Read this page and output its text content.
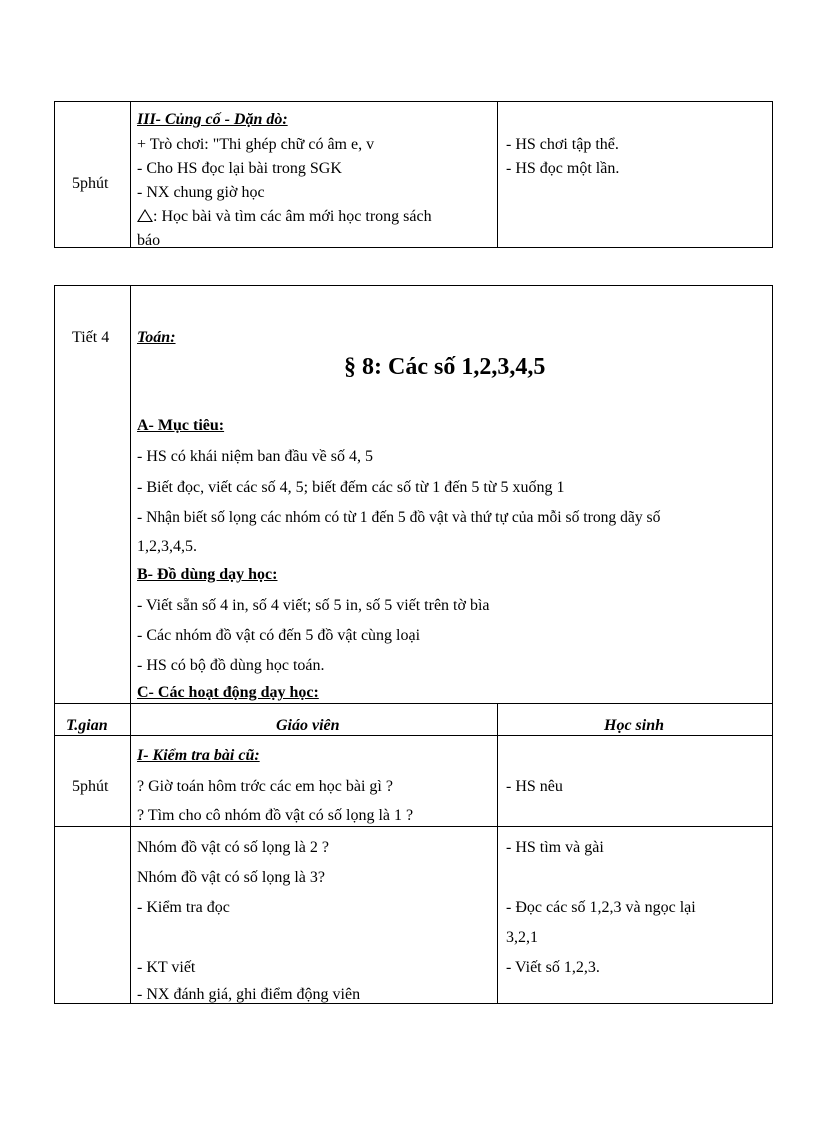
5phút
III- Củng cố - Dặn dò:
+ Trò chơi: "Thi ghép chữ có âm e, v
- Cho HS đọc lại bài trong SGK
- NX chung giờ học
: Học bài và tìm các âm mới học trong sách
báo
- HS chơi tập thể.
- HS đọc một lần.
Tiết 4 Toán:
§ 8: Các số 1,2,3,4,5
A- Mục tiêu:
- HS có khái niệm ban đầu về số 4, 5
- Biết đọc, viết các số 4, 5; biết đếm các số từ 1 đến 5 từ 5 xuống 1
- Nhận biết số lọng các nhóm có từ 1 đến 5 đồ vật và thứ tự của mỗi số trong dãy số
1,2,3,4,5.
B- Đồ dùng dạy học:
- Viết sẵn số 4 in, số 4 viết; số 5 in, số 5 viết trên tờ bìa
- Các nhóm đồ vật có đến 5 đồ vật cùng loại
- HS có bộ đồ dùng học toán.
C- Các hoạt động dạy học:
T.gian	Giáo viên	Học sinh
5phút
I- Kiểm tra bài cũ:
? Giờ toán hôm trớc các em học bài gì ?
? Tìm cho cô nhóm đồ vật có số lọng là 1 ?
- HS nêu
Nhóm đồ vật có số lọng là 2 ?
Nhóm đồ vật có số lọng là 3?
- Kiểm tra đọc
- KT viết
- NX đánh giá, ghi điểm động viên
- HS tìm và gài
- Đọc các số 1,2,3 và ngọc lại
3,2,1
- Viết số 1,2,3.
